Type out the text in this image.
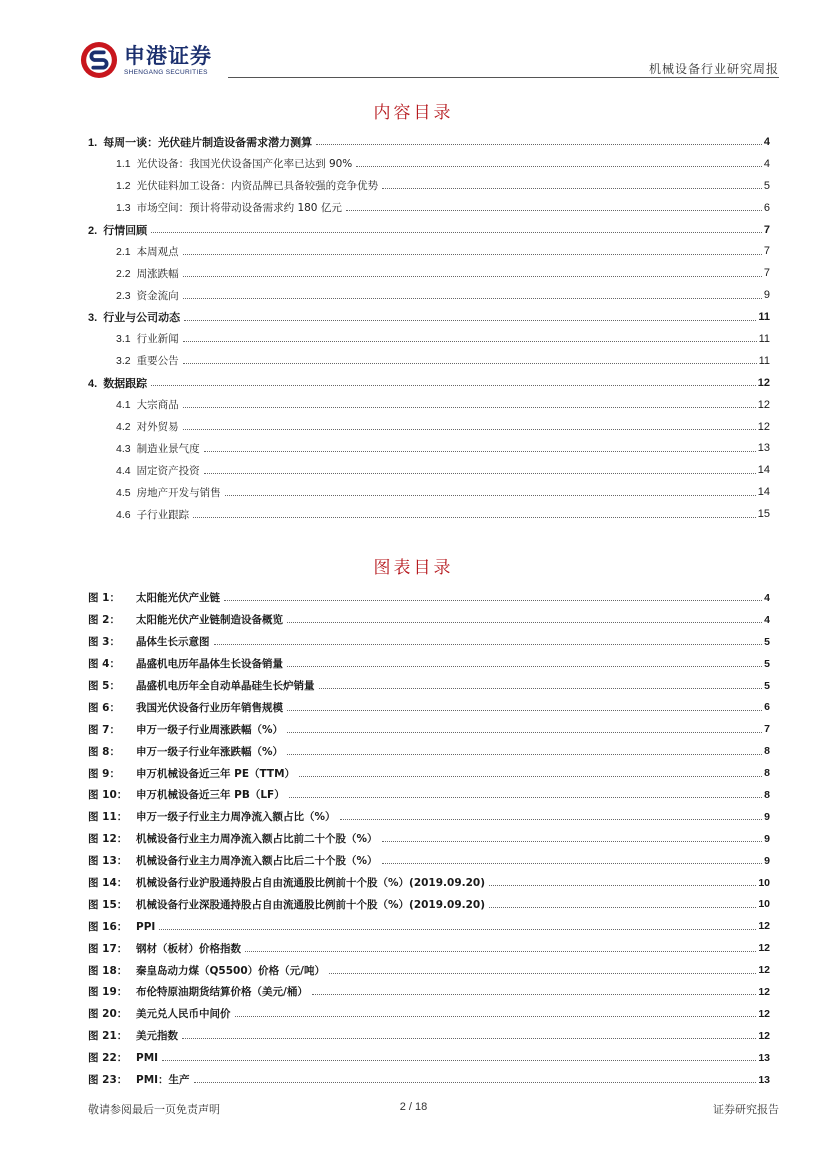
申港证券
SHENGANG SECURITIES	机械设备行业研究周报
内容目录
1. 每周一谈：光伏硅片制造设备需求潜力测算	4
1.1 光伏设备：我国光伏设备国产化率已达到 90%	4
1.2 光伏硅料加工设备：内资品牌已具备较强的竞争优势	5
1.3 市场空间：预计将带动设备需求约 180 亿元	6
2. 行情回顾	7
2.1 本周观点	7
2.2 周涨跌幅	7
2.3 资金流向	9
3. 行业与公司动态	11
3.1 行业新闻	11
3.2 重要公告	11
4. 数据跟踪	12
4.1 大宗商品	12
4.2 对外贸易	12
4.3 制造业景气度	13
4.4 固定资产投资	14
4.5 房地产开发与销售	14
4.6 子行业跟踪	15
图表目录
图 1： 太阳能光伏产业链	4
图 2： 太阳能光伏产业链制造设备概览	4
图 3： 晶体生长示意图	5
图 4： 晶盛机电历年晶体生长设备销量	5
图 5： 晶盛机电历年全自动单晶硅生长炉销量	5
图 6： 我国光伏设备行业历年销售规模	6
图 7： 申万一级子行业周涨跌幅（%）	7
图 8： 申万一级子行业年涨跌幅（%）	8
图 9： 申万机械设备近三年 PE（TTM）	8
图 10： 申万机械设备近三年 PB（LF）	8
图 11： 申万一级子行业主力周净流入额占比（%）	9
图 12： 机械设备行业主力周净流入额占比前二十个股（%）	9
图 13： 机械设备行业主力周净流入额占比后二十个股（%）	9
图 14： 机械设备行业沪股通持股占自由流通股比例前十个股（%）(2019.09.20)	10
图 15： 机械设备行业深股通持股占自由流通股比例前十个股（%）(2019.09.20)	10
图 16： PPI	12
图 17： 钢材（板材）价格指数	12
图 18： 秦皇岛动力煤（Q5500）价格（元/吨）	12
图 19： 布伦特原油期货结算价格（美元/桶）	12
图 20： 美元兑人民币中间价	12
图 21： 美元指数	12
图 22： PMI	13
图 23： PMI：生产	13
敬请参阅最后一页免责声明	2 / 18	证券研究报告
